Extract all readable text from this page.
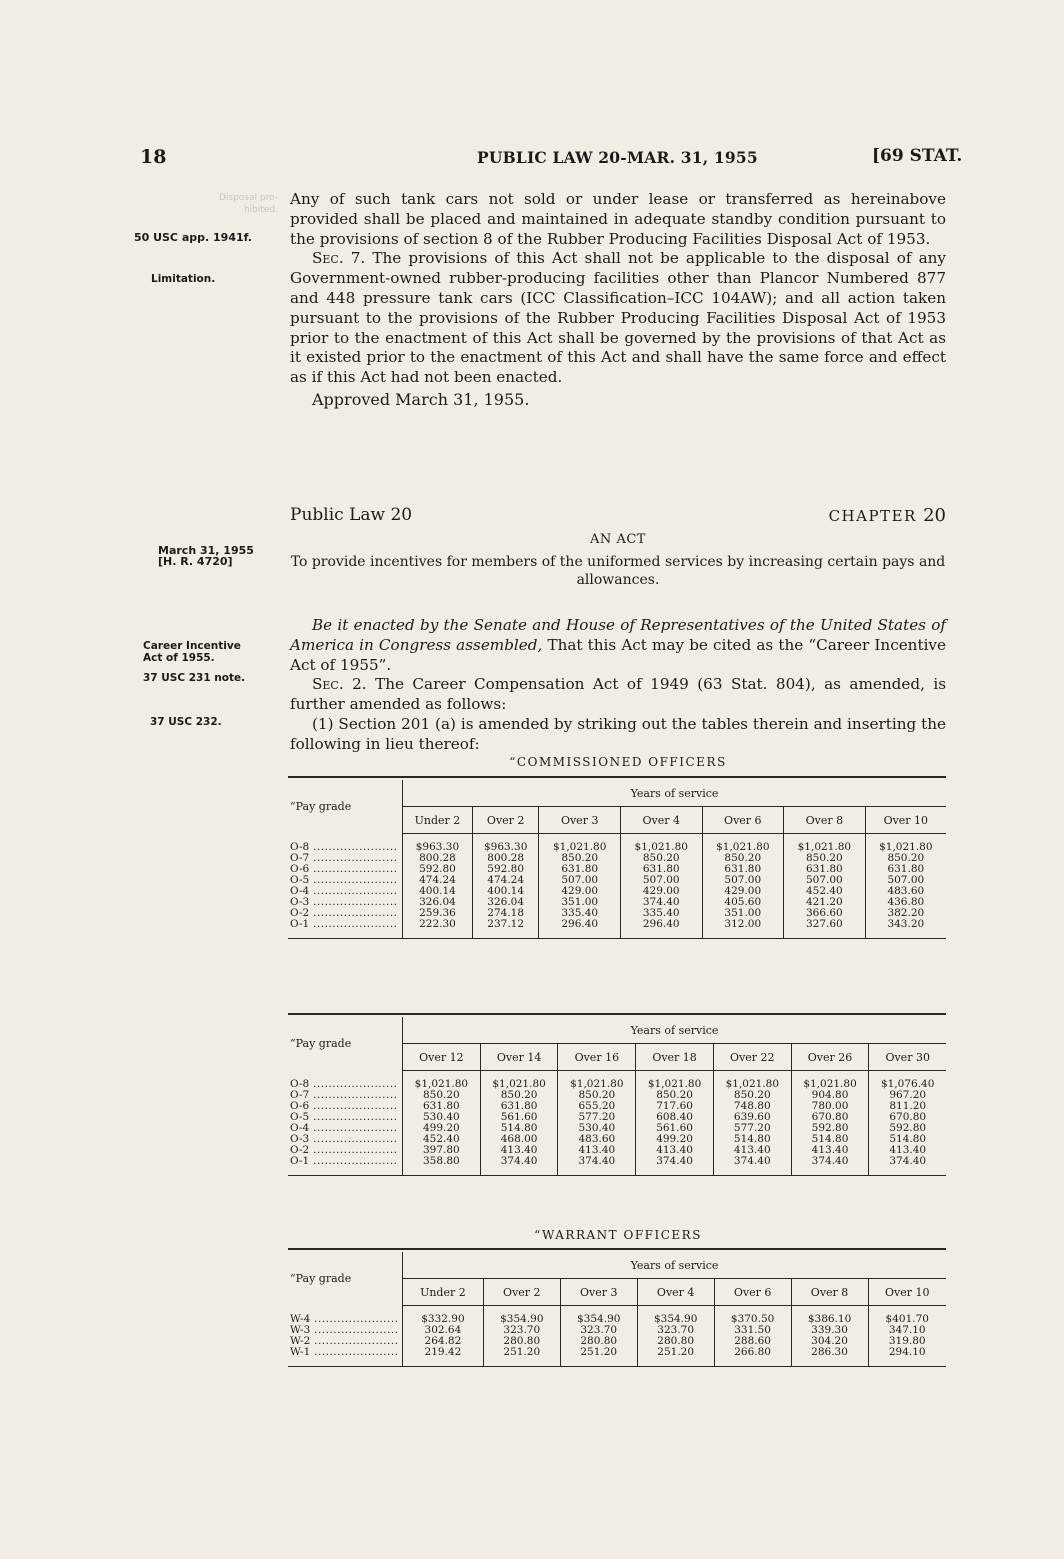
18	PUBLIC LAW 20-MAR. 31, 1955	[69 STAT.
Disposal pro-
hibited.
50 USC app. 1941f.
Limitation.
March 31, 1955
[H. R. 4720]
Career Incentive Act of 1955.
37 USC 231 note.
37 USC 232.

Any of such tank cars not sold or under lease or transferred as hereinabove provided shall be placed and maintained in adequate standby condition pursuant to the provisions of section 8 of the Rubber Producing Facilities Disposal Act of 1953.

Sec. 7. The provisions of this Act shall not be applicable to the disposal of any Government-owned rubber-producing facilities other than Plancor Numbered 877 and 448 pressure tank cars (ICC Classification–ICC 104AW); and all action taken pursuant to the provisions of the Rubber Producing Facilities Disposal Act of 1953 prior to the enactment of this Act shall be governed by the provisions of that Act as it existed prior to the enactment of this Act and shall have the same force and effect as if this Act had not been enacted.

Approved March 31, 1955.

Public Law 20	CHAPTER 20
AN ACT
To provide incentives for members of the uniformed services by increasing certain pays and allowances.

Be it enacted by the Senate and House of Representatives of the United States of America in Congress assembled, That this Act may be cited as the “Career Incentive Act of 1955”.

Sec. 2. The Career Compensation Act of 1949 (63 Stat. 804), as amended, is further amended as follows:

(1) Section 201 (a) is amended by striking out the tables therein and inserting the following in lieu thereof:

“COMMISSIONED OFFICERS
“Pay grade	Years of service						
	Under 2	Over 2	Over 3	Over 4	Over 6	Over 8	Over 10
O-8 ......................	$963.30	$963.30	$1,021.80	$1,021.80	$1,021.80	$1,021.80	$1,021.80
O-7 ......................	800.28	800.28	850.20	850.20	850.20	850.20	850.20
O-6 ......................	592.80	592.80	631.80	631.80	631.80	631.80	631.80
O-5 ......................	474.24	474.24	507.00	507.00	507.00	507.00	507.00
O-4 ......................	400.14	400.14	429.00	429.00	429.00	452.40	483.60
O-3 ......................	326.04	326.04	351.00	374.40	405.60	421.20	436.80
O-2 ......................	259.36	274.18	335.40	335.40	351.00	366.60	382.20
O-1 ......................	222.30	237.12	296.40	296.40	312.00	327.60	343.20
“Pay grade	Years of service						
	Over 12	Over 14	Over 16	Over 18	Over 22	Over 26	Over 30
O-8 ......................	$1,021.80	$1,021.80	$1,021.80	$1,021.80	$1,021.80	$1,021.80	$1,076.40
O-7 ......................	850.20	850.20	850.20	850.20	850.20	904.80	967.20
O-6 ......................	631.80	631.80	655.20	717.60	748.80	780.00	811.20
O-5 ......................	530.40	561.60	577.20	608.40	639.60	670.80	670.80
O-4 ......................	499.20	514.80	530.40	561.60	577.20	592.80	592.80
O-3 ......................	452.40	468.00	483.60	499.20	514.80	514.80	514.80
O-2 ......................	397.80	413.40	413.40	413.40	413.40	413.40	413.40
O-1 ......................	358.80	374.40	374.40	374.40	374.40	374.40	374.40
“WARRANT OFFICERS
“Pay grade	Years of service						
	Under 2	Over 2	Over 3	Over 4	Over 6	Over 8	Over 10
W-4 ......................	$332.90	$354.90	$354.90	$354.90	$370.50	$386.10	$401.70
W-3 ......................	302.64	323.70	323.70	323.70	331.50	339.30	347.10
W-2 ......................	264.82	280.80	280.80	280.80	288.60	304.20	319.80
W-1 ......................	219.42	251.20	251.20	251.20	266.80	286.30	294.10
